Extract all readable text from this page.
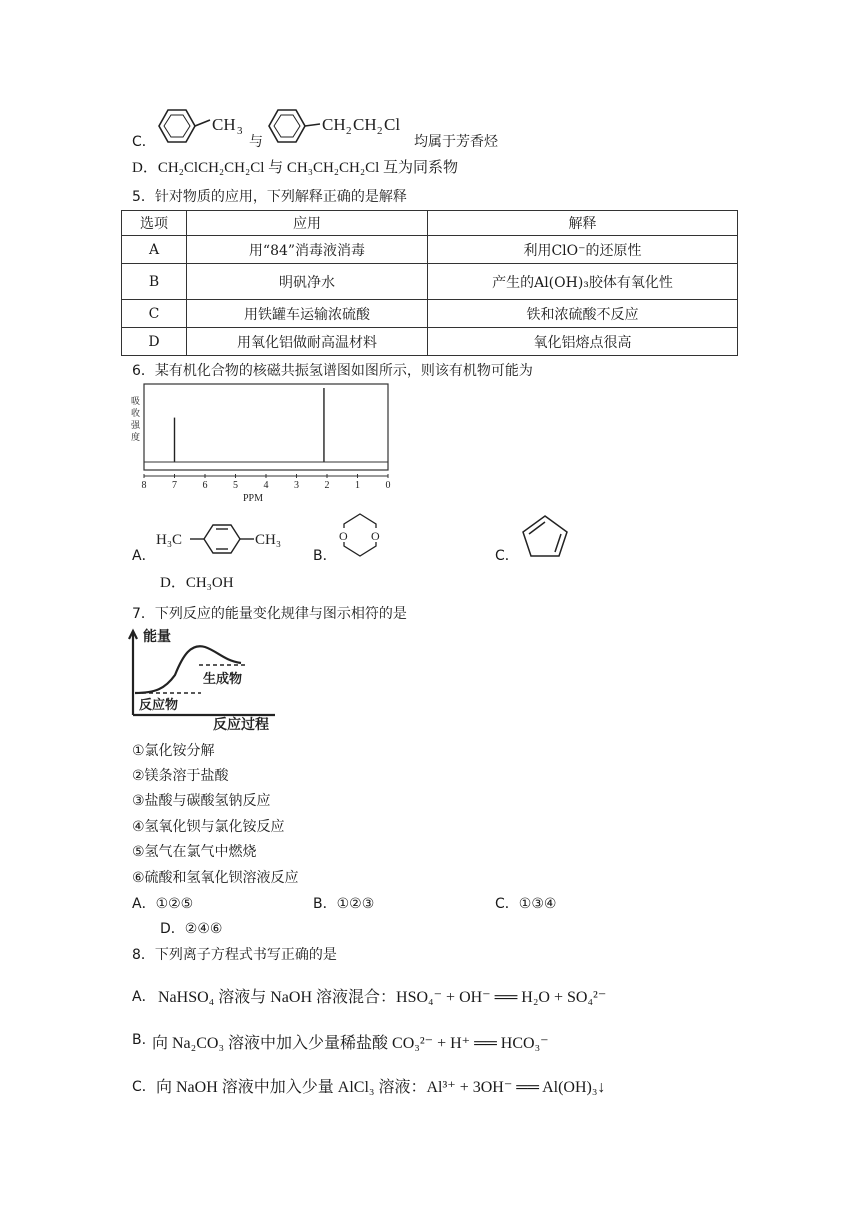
C．
CH 3	CH 2 CH 2 Cl
与	均属于芳香烃
D．CH₂ClCH₂CH₂Cl 与 CH₃CH₂CH₂Cl 互为同系物
5．针对物质的应用，下列解释正确的是解释
选项	应用	解释
A	用“84”消毒液消毒	利用ClO⁻的还原性
B	明矾净水	产生的Al(OH)₃胶体有氧化性
C	用铁罐车运输浓硫酸	铁和浓硫酸不反应
D	用氧化铝做耐高温材料	氧化铝熔点很高
6．某有机化合物的核磁共振氢谱图如图所示，则该有机物可能为
吸
收
强
度
8	7	6	5	4	3	2	1	0
PPM
A．
H₃C	CH₃
B．
O O
C．
D．CH₃OH
7．下列反应的能量变化规律与图示相符的是
能量
生成物
反应物
反应过程
①氯化铵分解
②镁条溶于盐酸
③盐酸与碳酸氢钠反应
④氢氧化钡与氯化铵反应
⑤氢气在氯气中燃烧
⑥硫酸和氢氧化钡溶液反应
A．①②⑤	B．①②③	C．①③④
D．②④⑥
8．下列离子方程式书写正确的是
A． NaHSO₄ 溶液与 NaOH 溶液混合：HSO₄⁻ + OH⁻ ══ H₂O + SO₄²⁻
B. 向 Na₂CO₃ 溶液中加入少量稀盐酸 CO₃²⁻ + H⁺ ══ HCO₃⁻
C． 向 NaOH 溶液中加入少量 AlCl₃ 溶液：Al³⁺ + 3OH⁻ ══ Al(OH)₃↓
